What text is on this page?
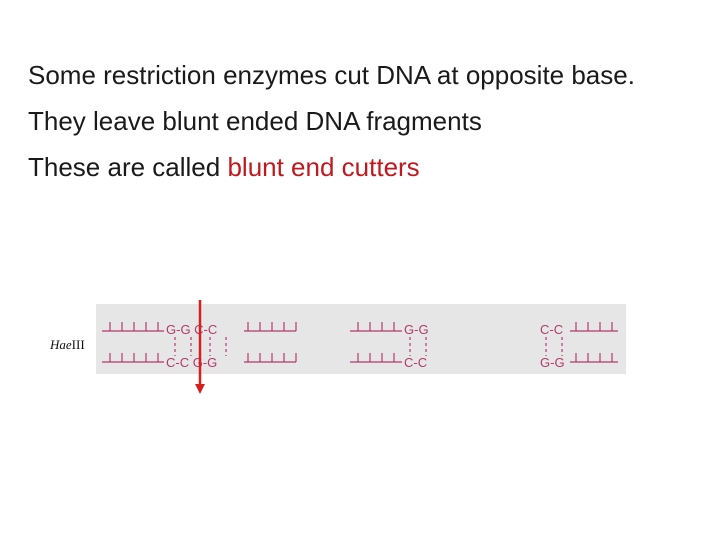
Some restriction enzymes cut DNA at opposite base.
They leave blunt ended DNA fragments
These are called blunt end cutters
HaeIII
G-G C-C
C-C G-G
G-G
C-C
C-C
G-G
